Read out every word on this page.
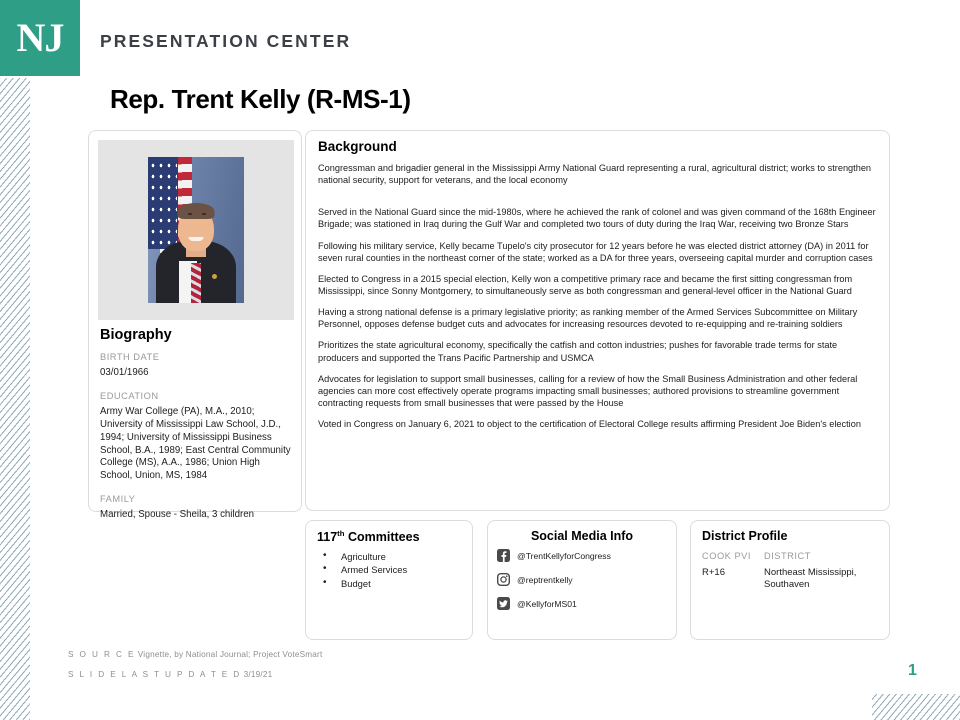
NJ PRESENTATION CENTER
Rep. Trent Kelly (R-MS-1)
Biography
BIRTH DATE
03/01/1966
EDUCATION
Army War College (PA), M.A., 2010; University of Mississippi Law School, J.D., 1994; University of Mississippi Business School, B.A., 1989; East Central Community College (MS), A.A., 1986; Union High School, Union, MS, 1984
FAMILY
Married, Spouse - Sheila, 3 children
Background

Congressman and brigadier general in the Mississippi Army National Guard representing a rural, agricultural district; works to strengthen national security, support for veterans, and the local economy

Served in the National Guard since the mid-1980s, where he achieved the rank of colonel and was given command of the 168th Engineer Brigade; was stationed in Iraq during the Gulf War and completed two tours of duty during the Iraq War, receiving two Bronze Stars

Following his military service, Kelly became Tupelo's city prosecutor for 12 years before he was elected district attorney (DA) in 2011 for seven rural counties in the northeast corner of the state; worked as a DA for three years, overseeing capital murder and corruption cases

Elected to Congress in a 2015 special election, Kelly won a competitive primary race and became the first sitting congressman from Mississippi, since Sonny Montgomery, to simultaneously serve as both congressman and general-level officer in the National Guard

Having a strong national defense is a primary legislative priority; as ranking member of the Armed Services Subcommittee on Military Personnel, opposes defense budget cuts and advocates for increasing resources devoted to re-equipping and re-training soldiers

Prioritizes the state agricultural economy, specifically the catfish and cotton industries; pushes for favorable trade terms for state producers and supported the Trans Pacific Partnership and USMCA

Advocates for legislation to support small businesses, calling for a review of how the Small Business Administration and other federal agencies can more cost effectively operate programs impacting small businesses; authored provisions to streamline government contracting requests from small businesses that were passed by the House

Voted in Congress on January 6, 2021 to object to the certification of Electoral College results affirming President Joe Biden's election

117th Committees
• Agriculture
• Armed Services
• Budget
Social Media Info
@TrentKellyforCongress
@reptrentkelly
@KellyforMS01
District Profile
COOK PVI	DISTRICT
R+16	Northeast Mississippi, Southaven
S O U R C E Vignette, by National Journal; Project VoteSmart
S L I D E L A S T U P D A T E D 3/19/21	1
